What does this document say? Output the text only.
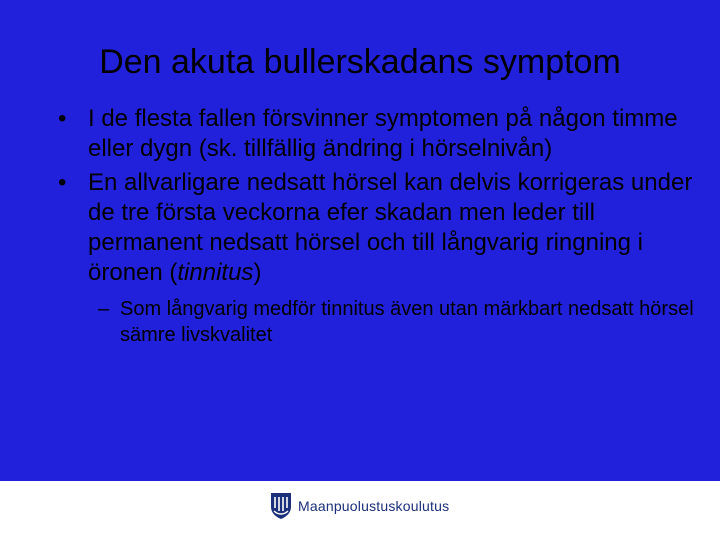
Den akuta bullerskadans symptom
• I de flesta fallen försvinner symptomen på någon timme eller dygn (sk. tillfällig ändring i hörselnivån)
• En allvarligare nedsatt hörsel kan delvis korrigeras under de tre första veckorna efer skadan men leder till permanent nedsatt hörsel och till långvarig ringning i öronen (tinnitus)
– Som långvarig medför tinnitus även utan märkbart nedsatt hörsel sämre livskvalitet
Maanpuolustuskoulutus
